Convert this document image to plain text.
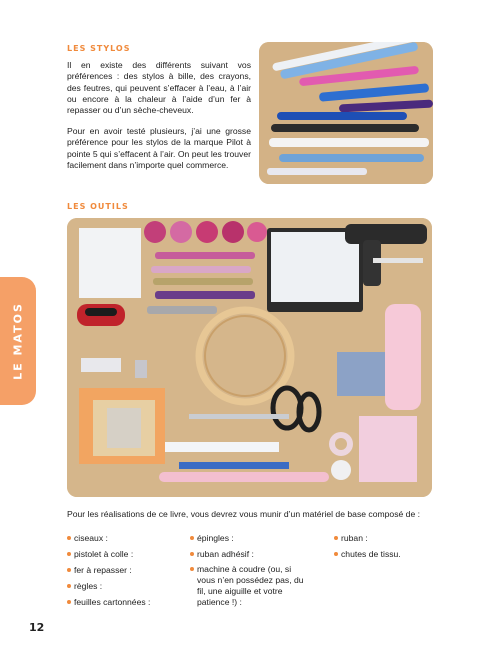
LE MATOS
LES STYLOS

Il en existe des différents suivant vos préférences : des stylos à bille, des crayons, des feutres, qui peuvent s’effacer à l’eau, à l’air ou encore à la chaleur à l’aide d’un fer à repasser ou d’un sèche-cheveux.

Pour en avoir testé plusieurs, j’ai une grosse préférence pour les stylos de la marque Pilot à pointe 5 qui s’effacent à l’air. On peut les trouver facilement dans n’importe quel commerce.

LES OUTILS

Pour les réalisations de ce livre, vous devrez vous munir d’un matériel de base composé de :

ciseaux :
pistolet à colle :
fer à repasser :
règles :
feuilles cartonnées :
épingles :
ruban adhésif :
machine à coudre (ou, si vous n’en possédez pas, du fil, une aiguille et votre patience !) :
ruban :
chutes de tissu.
12
